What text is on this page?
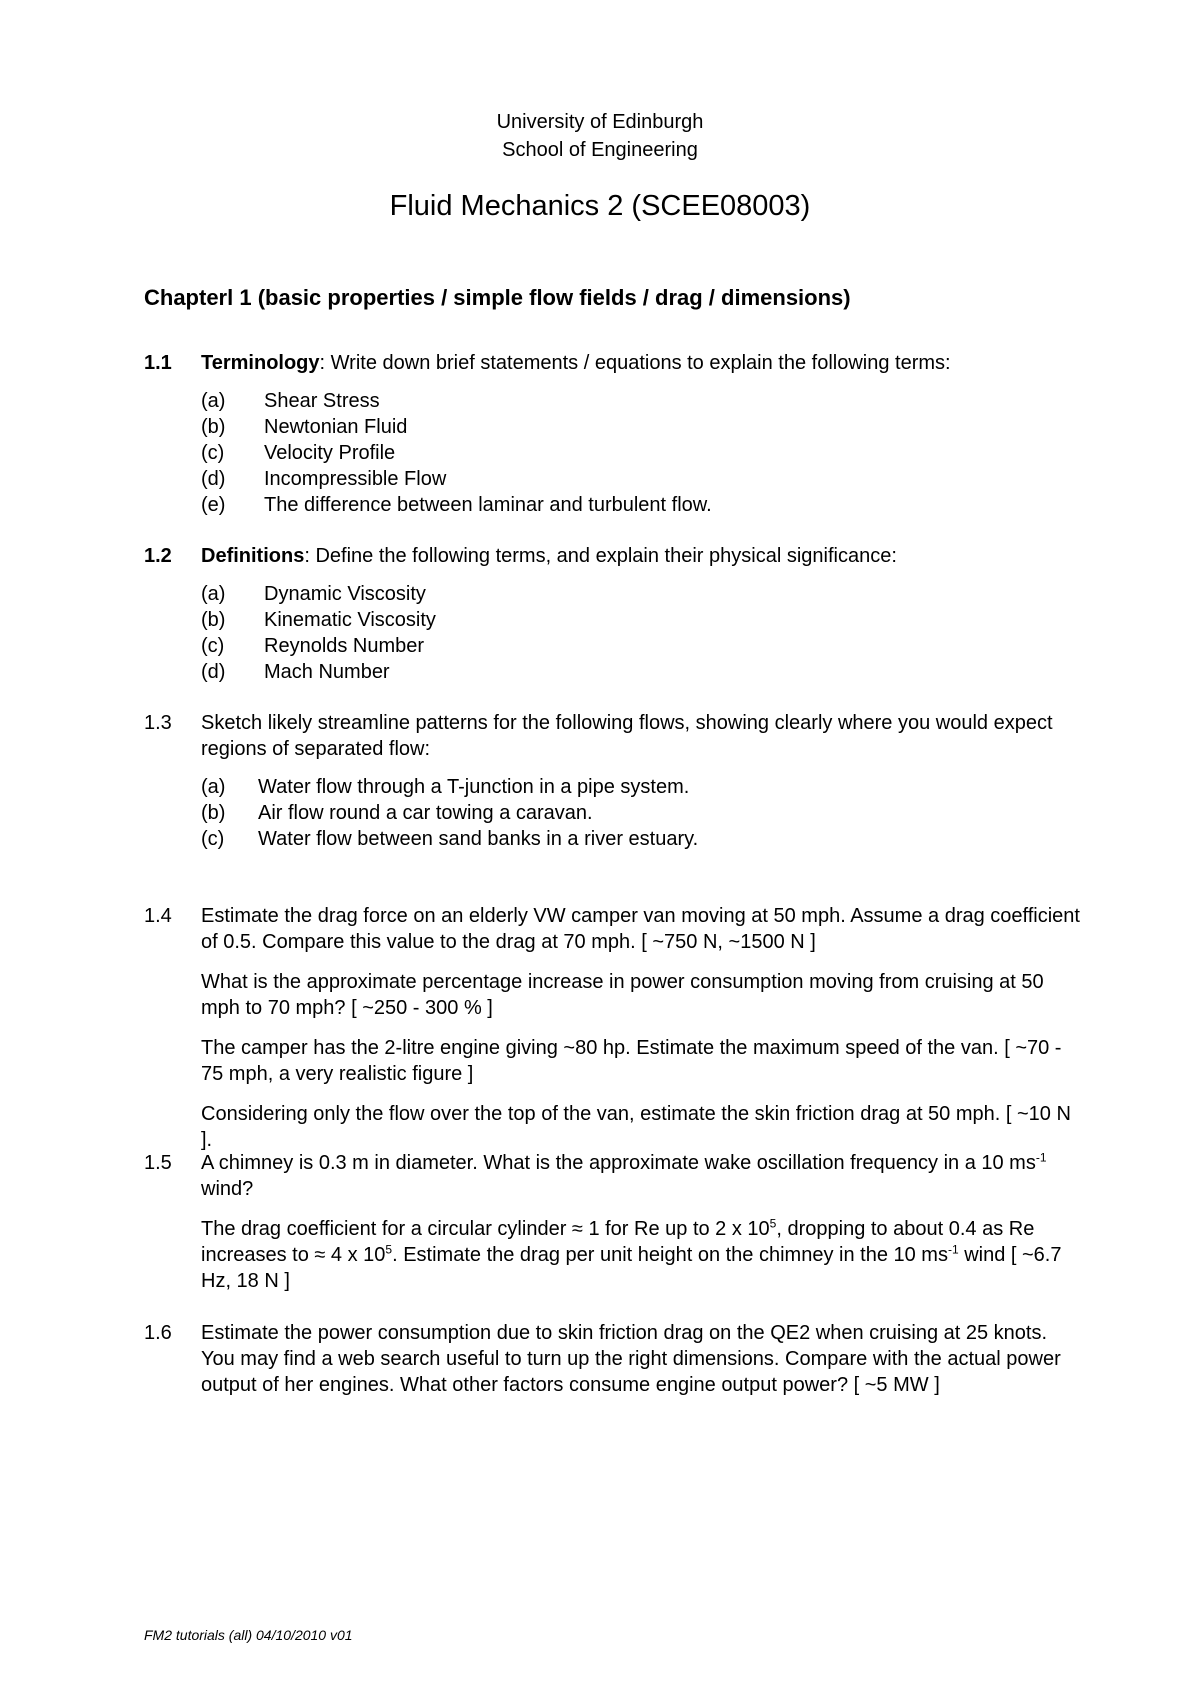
University of Edinburgh
School of Engineering
Fluid Mechanics 2 (SCEE08003)
Chapterl 1 (basic properties / simple flow fields / drag / dimensions)
1.1	Terminology: Write down brief statements / equations to explain the following terms:

(a)	Shear Stress
(b)	Newtonian Fluid
(c)	Velocity Profile
(d)	Incompressible Flow
(e)	The difference between laminar and turbulent flow.
1.2	Definitions: Define the following terms, and explain their physical significance:

(a)	Dynamic Viscosity
(b)	Kinematic Viscosity
(c)	Reynolds Number
(d)	Mach Number
1.3	Sketch likely streamline patterns for the following flows, showing clearly where you would expect regions of separated flow:

(a)	Water flow through a T-junction in a pipe system.
(b)	Air flow round a car towing a caravan.
(c)	Water flow between sand banks in a river estuary.
1.4	Estimate the drag force on an elderly VW camper van moving at 50 mph. Assume a drag coefficient of 0.5. Compare this value to the drag at 70 mph. [ ~750 N, ~1500 N ]

What is the approximate percentage increase in power consumption moving from cruising at 50 mph to 70 mph? [ ~250 - 300 % ]

The camper has the 2-litre engine giving ~80 hp. Estimate the maximum speed of the van. [ ~70 - 75 mph, a very realistic figure ]

Considering only the flow over the top of the van, estimate the skin friction drag at 50 mph. [ ~10 N ].

1.5	A chimney is 0.3 m in diameter. What is the approximate wake oscillation frequency in a 10 $ms^{-1}$ wind?

The drag coefficient for a circular cylinder ≈ 1 for Re up to 2 x $10^5$, dropping to about 0.4 as Re increases to ≈ 4 x $10^5$. Estimate the drag per unit height on the chimney in the 10 $ms^{-1}$ wind [ ~6.7 Hz, 18 N ]

1.6	Estimate the power consumption due to skin friction drag on the QE2 when cruising at 25 knots. You may find a web search useful to turn up the right dimensions. Compare with the actual power output of her engines. What other factors consume engine output power? [ ~5 MW ]

FM2 tutorials (all) 04/10/2010 v01
